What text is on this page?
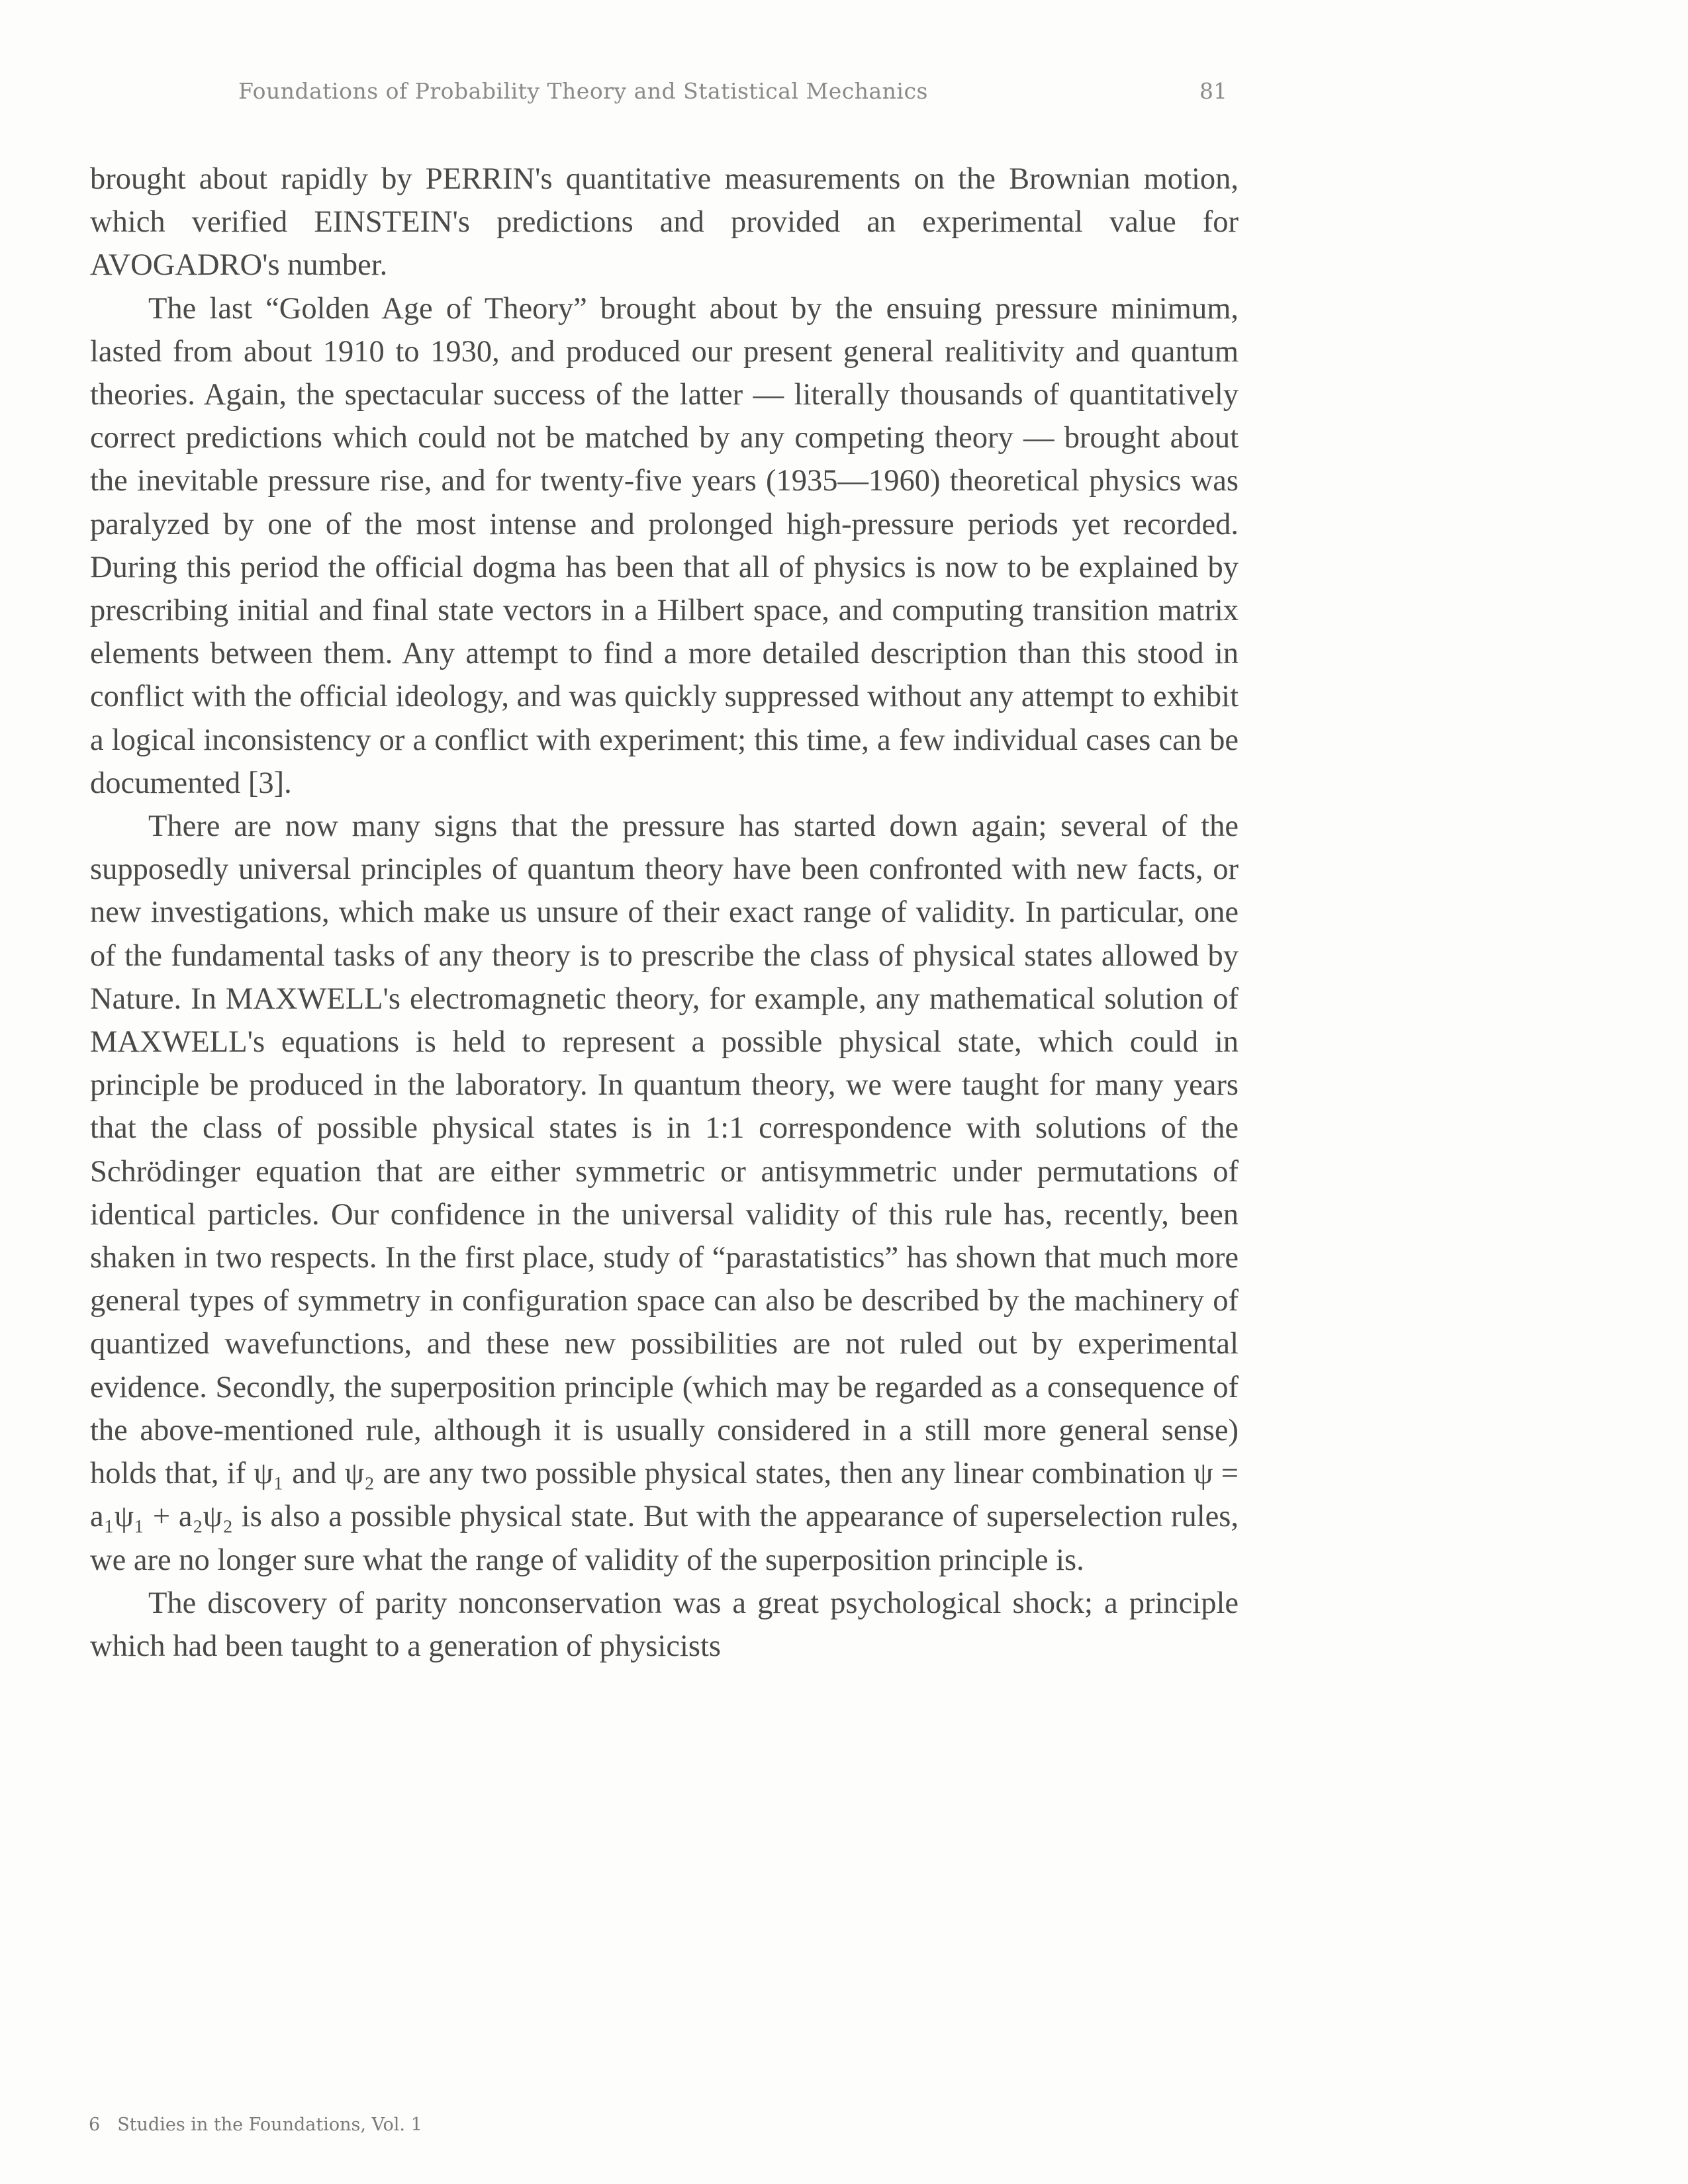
Foundations of Probability Theory and Statistical Mechanics	81

brought about rapidly by PERRIN's quantitative measurements on the Brownian motion, which verified EINSTEIN's predictions and provided an experimental value for AVOGADRO's number.

The last “Golden Age of Theory” brought about by the ensuing pressure minimum, lasted from about 1910 to 1930, and produced our present general realitivity and quantum theories. Again, the spectacular success of the latter — literally thousands of quantitatively correct predictions which could not be matched by any competing theory — brought about the inevitable pressure rise, and for twenty-five years (1935—1960) theoretical physics was paralyzed by one of the most intense and prolonged high-pressure periods yet recorded. During this period the official dogma has been that all of physics is now to be explained by prescribing initial and final state vectors in a Hilbert space, and computing transition matrix elements between them. Any attempt to find a more detailed description than this stood in conflict with the official ideology, and was quickly suppressed without any attempt to exhibit a logical inconsistency or a conflict with experiment; this time, a few individual cases can be documented [3].

There are now many signs that the pressure has started down again; several of the supposedly universal principles of quantum theory have been confronted with new facts, or new investigations, which make us unsure of their exact range of validity. In particular, one of the fundamental tasks of any theory is to prescribe the class of physical states allowed by Nature. In MAXWELL's electromagnetic theory, for example, any mathematical solution of MAXWELL's equations is held to represent a possible physical state, which could in principle be produced in the laboratory. In quantum theory, we were taught for many years that the class of possible physical states is in 1:1 correspondence with solutions of the Schrödinger equation that are either symmetric or antisymmetric under permutations of identical particles. Our confidence in the universal validity of this rule has, recently, been shaken in two respects. In the first place, study of “parastatistics” has shown that much more general types of symmetry in configuration space can also be described by the machinery of quantized wavefunctions, and these new possibilities are not ruled out by experimental evidence. Secondly, the superposition principle (which may be regarded as a consequence of the above-mentioned rule, although it is usually considered in a still more general sense) holds that, if ψ₁ and ψ₂ are any two possible physical states, then any linear combination ψ = a₁ψ₁ + a₂ψ₂ is also a possible physical state. But with the appearance of superselection rules, we are no longer sure what the range of validity of the superposition principle is.

The discovery of parity nonconservation was a great psychological shock; a principle which had been taught to a generation of physicists

6 Studies in the Foundations, Vol. 1
